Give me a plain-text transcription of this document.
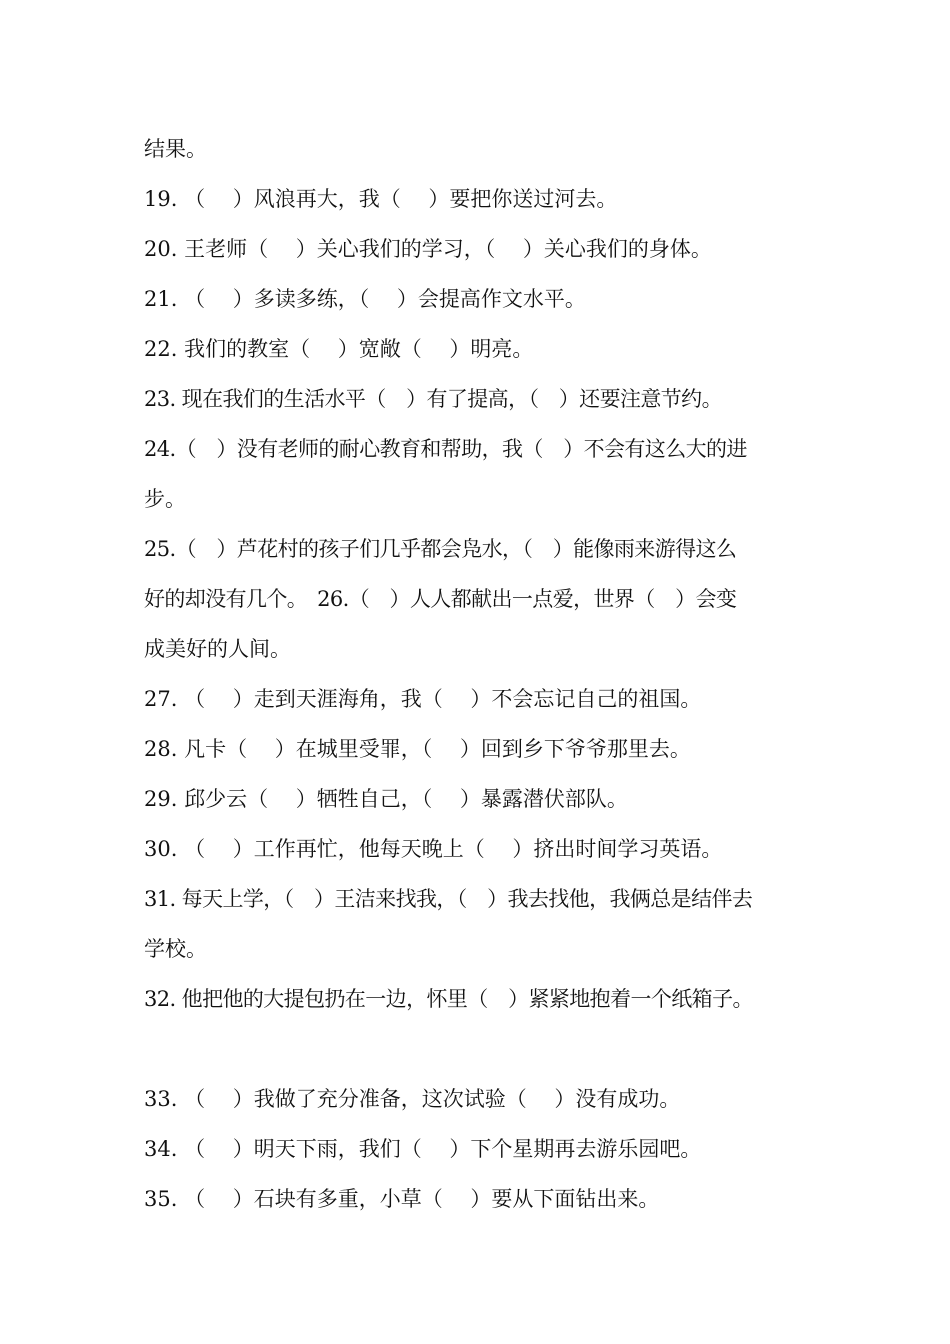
结果。
19. （　 ）风浪再大，我（　 ）要把你送过河去。
20. 王老师（　 ）关心我们的学习，（　 ）关心我们的身体。
21. （　 ）多读多练，（　 ）会提高作文水平。
22. 我们的教室（　 ）宽敞（　 ）明亮。
23. 现在我们的生活水平（　）有了提高，（　）还要注意节约。
24.（　）没有老师的耐心教育和帮助，我（　）不会有这么大的进
步。
25.（　）芦花村的孩子们几乎都会凫水，（　）能像雨来游得这么
好的却没有几个。　26.（　）人人都献出一点爱，世界（　）会变
成美好的人间。
27. （　 ）走到天涯海角，我（　 ）不会忘记自己的祖国。
28. 凡卡（　 ）在城里受罪，（　 ）回到乡下爷爷那里去。
29. 邱少云（　 ）牺牲自己，（　 ）暴露潜伏部队。
30. （　 ）工作再忙，他每天晚上（　 ）挤出时间学习英语。
31. 每天上学，（　）王洁来找我，（　）我去找他，我俩总是结伴去
学校。
32. 他把他的大提包扔在一边，怀里（　）紧紧地抱着一个纸箱子。
33. （　 ）我做了充分准备，这次试验（　 ）没有成功。
34. （　 ）明天下雨，我们（　 ）下个星期再去游乐园吧。
35. （　 ）石块有多重，小草（　 ）要从下面钻出来。
